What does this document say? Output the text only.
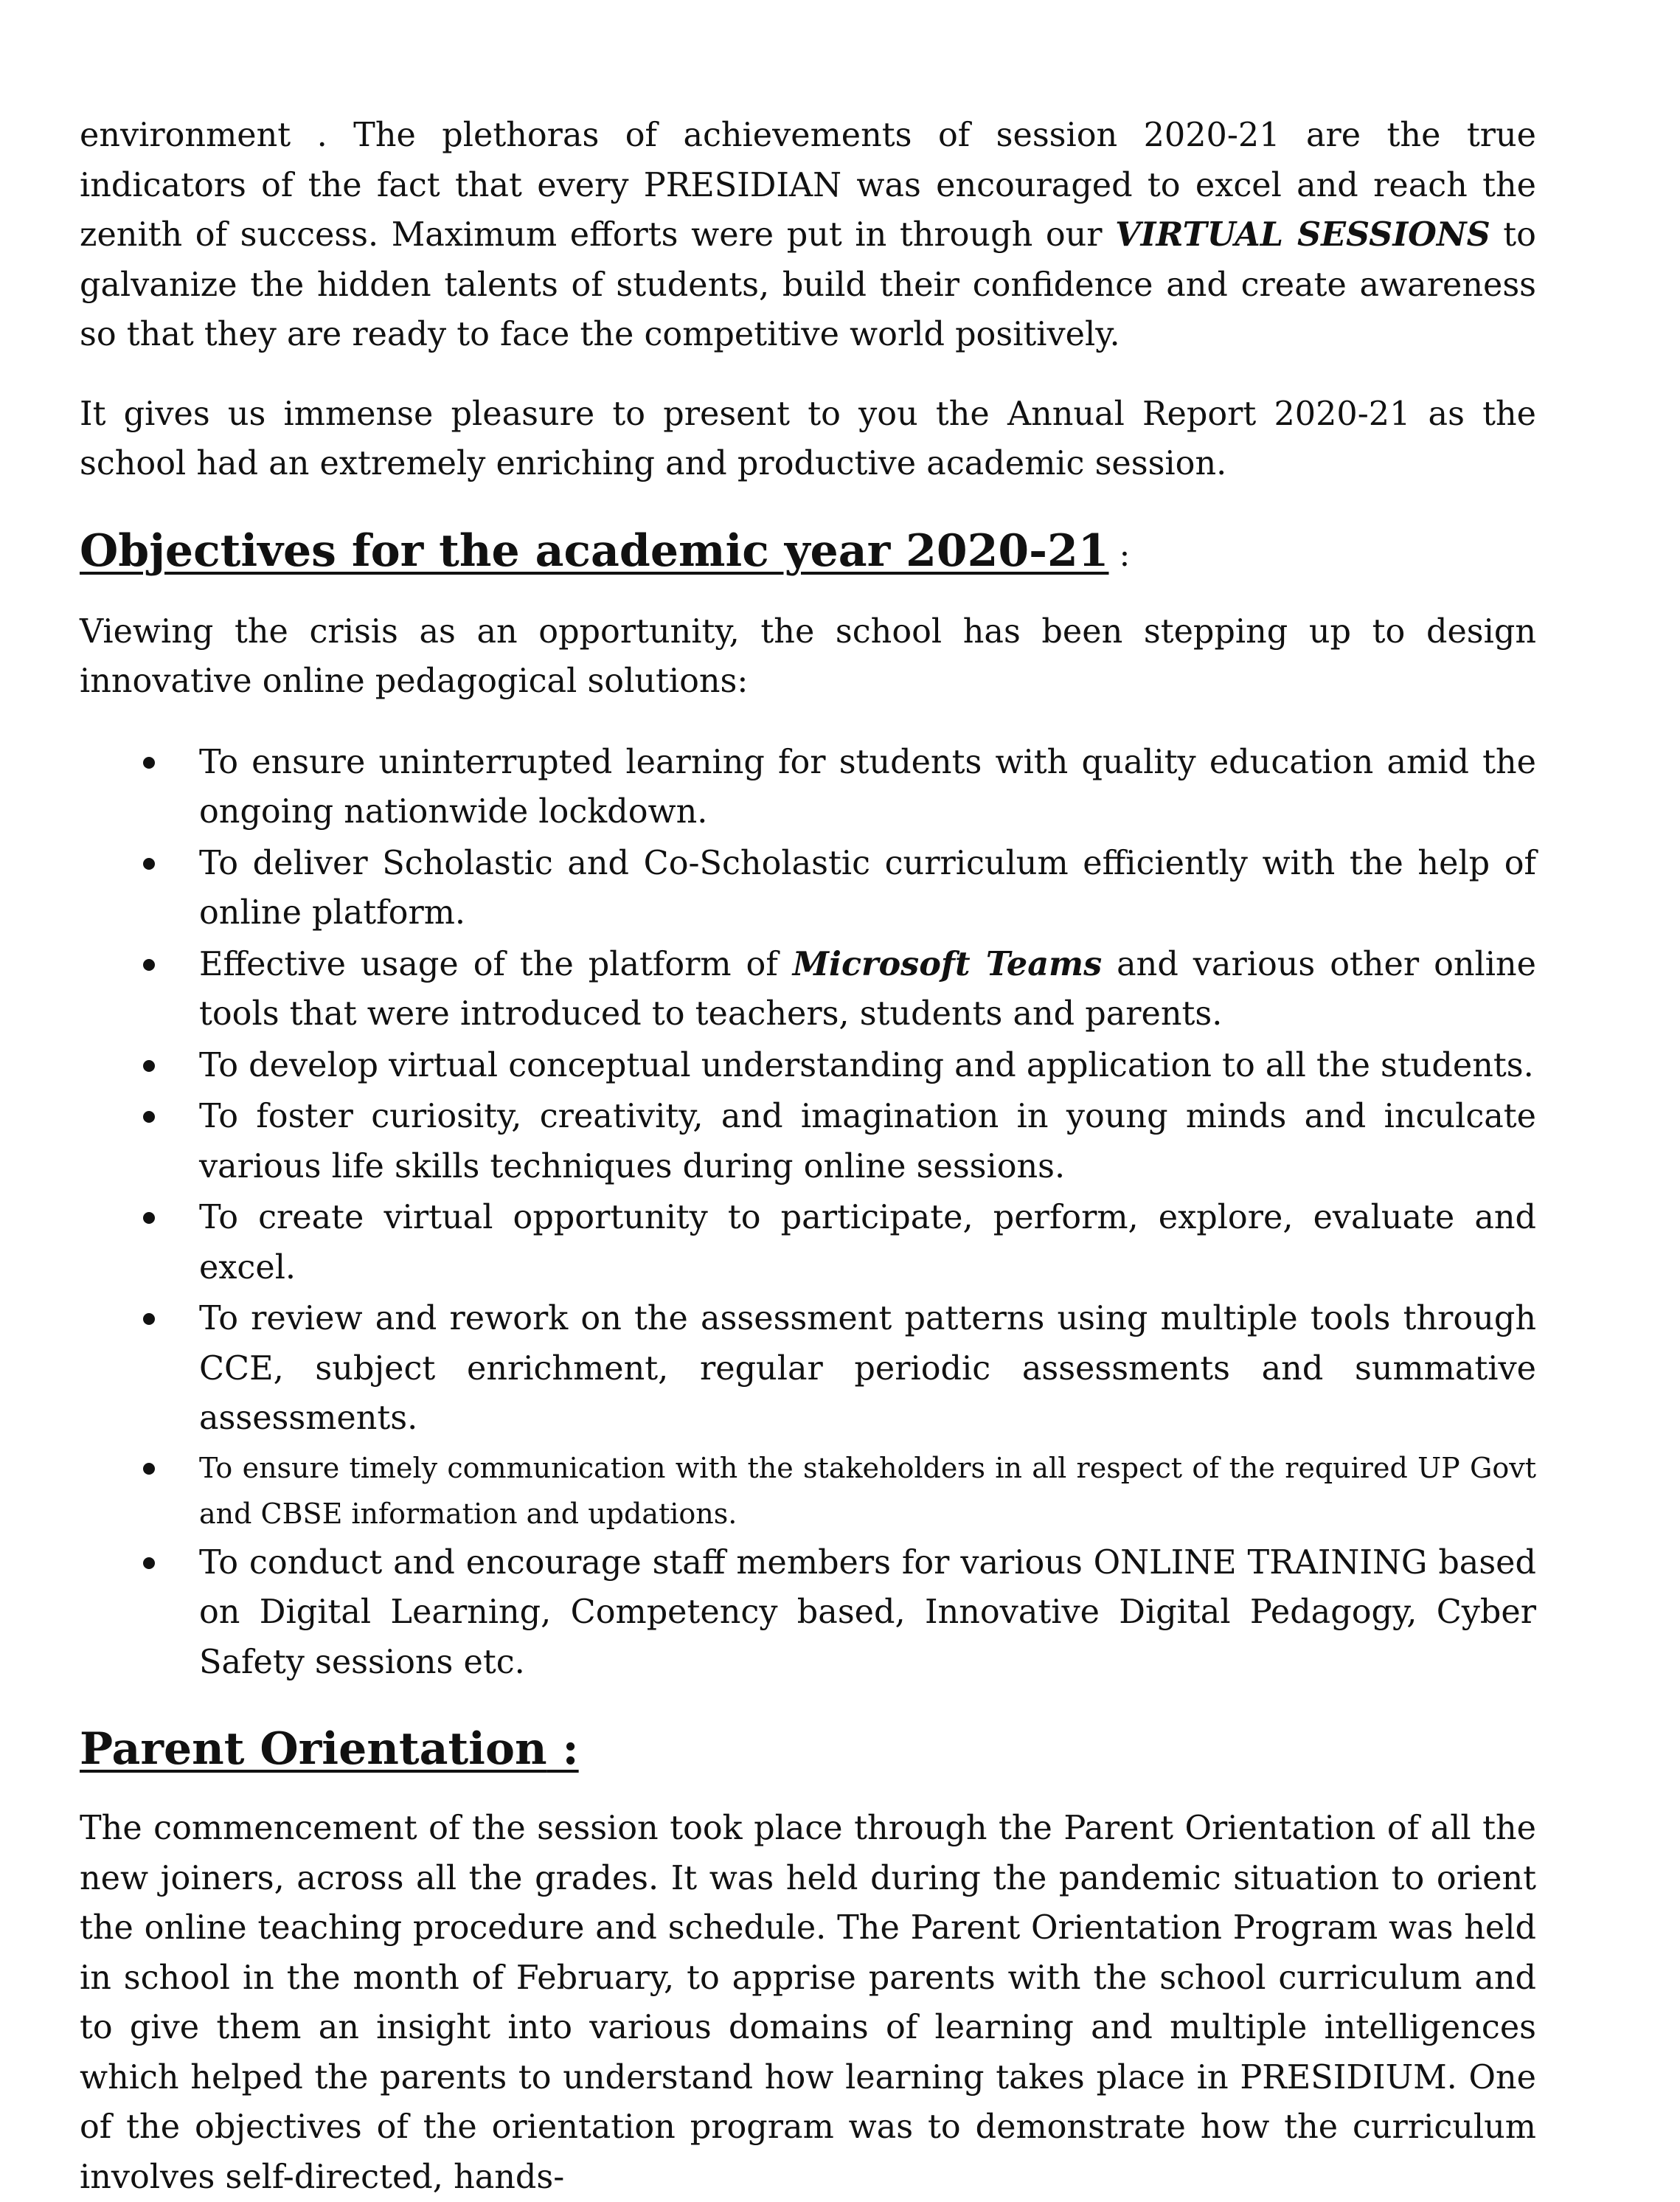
environment . The plethoras of achievements of session 2020-21 are the true indicators of the fact that every PRESIDIAN was encouraged to excel and reach the zenith of success. Maximum efforts were put in through our VIRTUAL SESSIONS to galvanize the hidden talents of students, build their confidence and create awareness so that they are ready to face the competitive world positively.

It gives us immense pleasure to present to you the Annual Report 2020-21 as the school had an extremely enriching and productive academic session.

Objectives for the academic year 2020-21 :

Viewing the crisis as an opportunity, the school has been stepping up to design innovative online pedagogical solutions:

To ensure uninterrupted learning for students with quality education amid the ongoing nationwide lockdown.
To deliver Scholastic and Co-Scholastic curriculum efficiently with the help of online platform.
Effective usage of the platform of Microsoft Teams and various other online tools that were introduced to teachers, students and parents.
To develop virtual conceptual understanding and application to all the students.
To foster curiosity, creativity, and imagination in young minds and inculcate various life skills techniques during online sessions.
To create virtual opportunity to participate, perform, explore, evaluate and excel.
To review and rework on the assessment patterns using multiple tools through CCE, subject enrichment, regular periodic assessments and summative assessments.
To ensure timely communication with the stakeholders in all respect of the required UP Govt and CBSE information and updations.
To conduct and encourage staff members for various ONLINE TRAINING based on Digital Learning, Competency based, Innovative Digital Pedagogy, Cyber Safety sessions etc.
Parent Orientation :

The commencement of the session took place through the Parent Orientation of all the new joiners, across all the grades. It was held during the pandemic situation to orient the online teaching procedure and schedule. The Parent Orientation Program was held in school in the month of February, to apprise parents with the school curriculum and to give them an insight into various domains of learning and multiple intelligences which helped the parents to understand how learning takes place in PRESIDIUM. One of the objectives of the orientation program was to demonstrate how the curriculum involves self-directed, hands-
